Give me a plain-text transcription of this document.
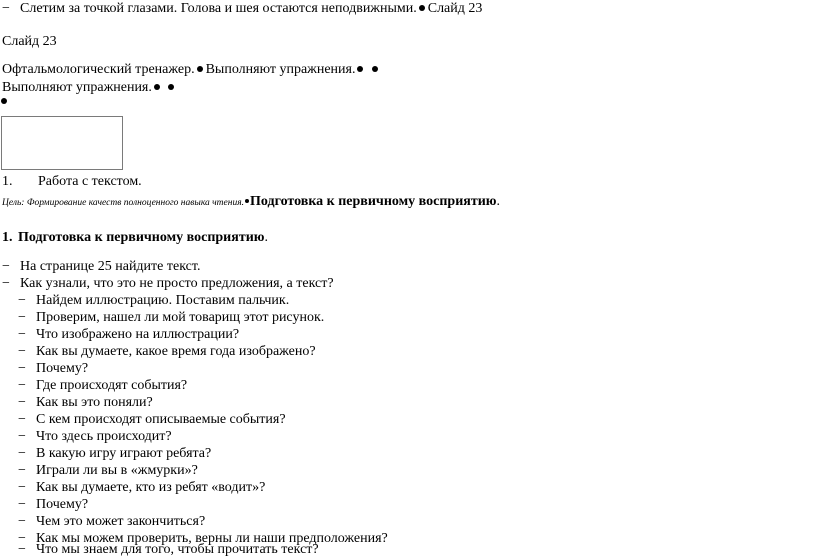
− Слетим за точкой глазами. Голова и шея остаются неподвижными. Слайд 23
Слайд 23
Офтальмологический тренажер. Выполняют упражнения.
Выполняют упражнения.
1. Работа с текстом.
Цель: Формирование качеств полноценного навыка чтения. Подготовка к первичному восприятию.
1. Подготовка к первичному восприятию.
− На странице 25 найдите текст.
− Как узнали, что это не просто предложения, а текст?
− Найдем иллюстрацию. Поставим пальчик.
− Проверим, нашел ли мой товарищ этот рисунок.
− Что изображено на иллюстрации?
− Как вы думаете, какое время года изображено?
− Почему?
− Где происходят события?
− Как вы это поняли?
− С кем происходят описываемые события?
− Что здесь происходит?
− В какую игру играют ребята?
− Играли ли вы в «жмурки»?
− Как вы думаете, кто из ребят «водит»?
− Почему?
− Чем это может закончиться?
− Как мы можем проверить, верны ли наши предположения?
− Что мы знаем для того, чтобы прочитать текст?
